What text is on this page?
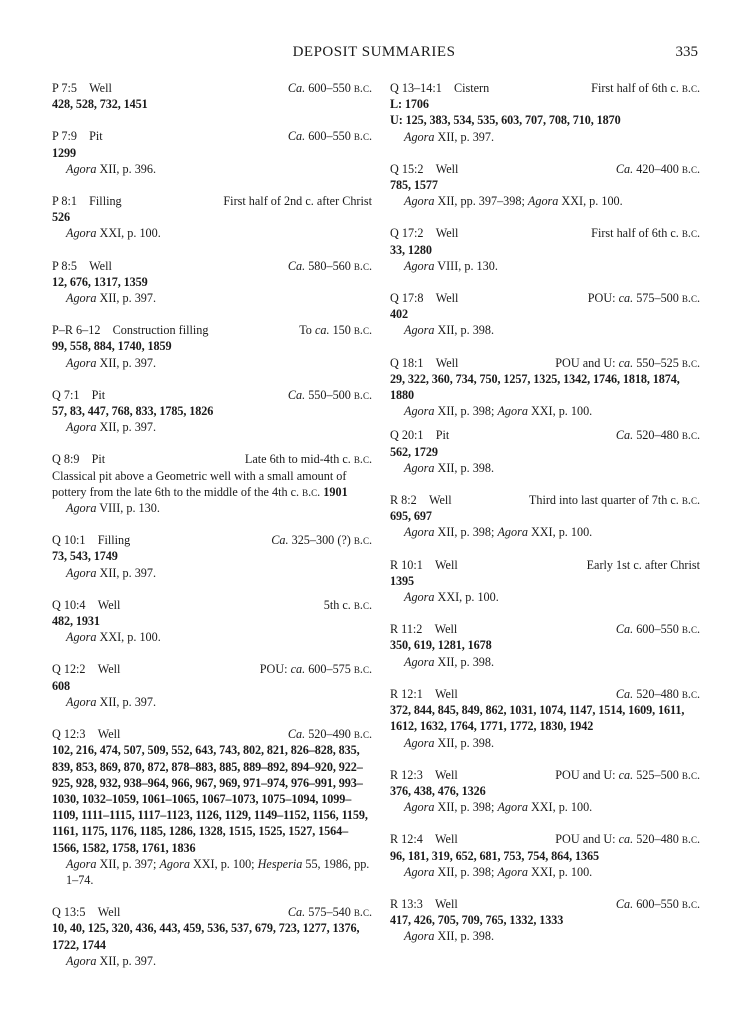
DEPOSIT SUMMARIES	335
P 7:5   Well	Ca. 600–550 b.c.
428, 528, 732, 1451
P 7:9   Pit	Ca. 600–550 b.c.
1299
Agora XII, p. 396.
P 8:1   Filling	First half of 2nd c. after Christ
526
Agora XXI, p. 100.
P 8:5   Well	Ca. 580–560 b.c.
12, 676, 1317, 1359
Agora XII, p. 397.
P–R 6–12   Construction filling	To ca. 150 b.c.
99, 558, 884, 1740, 1859
Agora XII, p. 397.
Q 7:1   Pit	Ca. 550–500 b.c.
57, 83, 447, 768, 833, 1785, 1826
Agora XII, p. 397.
Q 8:9   Pit	Late 6th to mid-4th c. b.c.
Classical pit above a Geometric well with a small amount of pottery from the late 6th to the middle of the 4th c. b.c. 1901
Agora VIII, p. 130.
Q 10:1   Filling	Ca. 325–300 (?) b.c.
73, 543, 1749
Agora XII, p. 397.
Q 10:4   Well	5th c. b.c.
482, 1931
Agora XXI, p. 100.
Q 12:2   Well	POU: ca. 600–575 b.c.
608
Agora XII, p. 397.
Q 12:3   Well	Ca. 520–490 b.c.
102, 216, 474, 507, 509, 552, 643, 743, 802, 821, 826–828, 835, 839, 853, 869, 870, 872, 878–883, 885, 889–892, 894–920, 922–925, 928, 932, 938–964, 966, 967, 969, 971–974, 976–991, 993–1030, 1032–1059, 1061–1065, 1067–1073, 1075–1094, 1099–1109, 1111–1115, 1117–1123, 1126, 1129, 1149–1152, 1156, 1159, 1161, 1175, 1176, 1185, 1286, 1328, 1515, 1525, 1527, 1564–1566, 1582, 1758, 1761, 1836
Agora XII, p. 397; Agora XXI, p. 100; Hesperia 55, 1986, pp. 1–74.
Q 13:5   Well	Ca. 575–540 b.c.
10, 40, 125, 320, 436, 443, 459, 536, 537, 679, 723, 1277, 1376, 1722, 1744
Agora XII, p. 397.
Q 13–14:1   Cistern	First half of 6th c. b.c.
L: 1706
U: 125, 383, 534, 535, 603, 707, 708, 710, 1870
Agora XII, p. 397.
Q 15:2   Well	Ca. 420–400 b.c.
785, 1577
Agora XII, pp. 397–398; Agora XXI, p. 100.
Q 17:2   Well	First half of 6th c. b.c.
33, 1280
Agora VIII, p. 130.
Q 17:8   Well	POU: ca. 575–500 b.c.
402
Agora XII, p. 398.
Q 18:1   Well	POU and U: ca. 550–525 b.c.
29, 322, 360, 734, 750, 1257, 1325, 1342, 1746, 1818, 1874, 1880
Agora XII, p. 398; Agora XXI, p. 100.
Q 20:1   Pit	Ca. 520–480 b.c.
562, 1729
Agora XII, p. 398.
R 8:2   Well	Third into last quarter of 7th c. b.c.
695, 697
Agora XII, p. 398; Agora XXI, p. 100.
R 10:1   Well	Early 1st c. after Christ
1395
Agora XXI, p. 100.
R 11:2   Well	Ca. 600–550 b.c.
350, 619, 1281, 1678
Agora XII, p. 398.
R 12:1   Well	Ca. 520–480 b.c.
372, 844, 845, 849, 862, 1031, 1074, 1147, 1514, 1609, 1611, 1612, 1632, 1764, 1771, 1772, 1830, 1942
Agora XII, p. 398.
R 12:3   Well	POU and U: ca. 525–500 b.c.
376, 438, 476, 1326
Agora XII, p. 398; Agora XXI, p. 100.
R 12:4   Well	POU and U: ca. 520–480 b.c.
96, 181, 319, 652, 681, 753, 754, 864, 1365
Agora XII, p. 398; Agora XXI, p. 100.
R 13:3   Well	Ca. 600–550 b.c.
417, 426, 705, 709, 765, 1332, 1333
Agora XII, p. 398.
